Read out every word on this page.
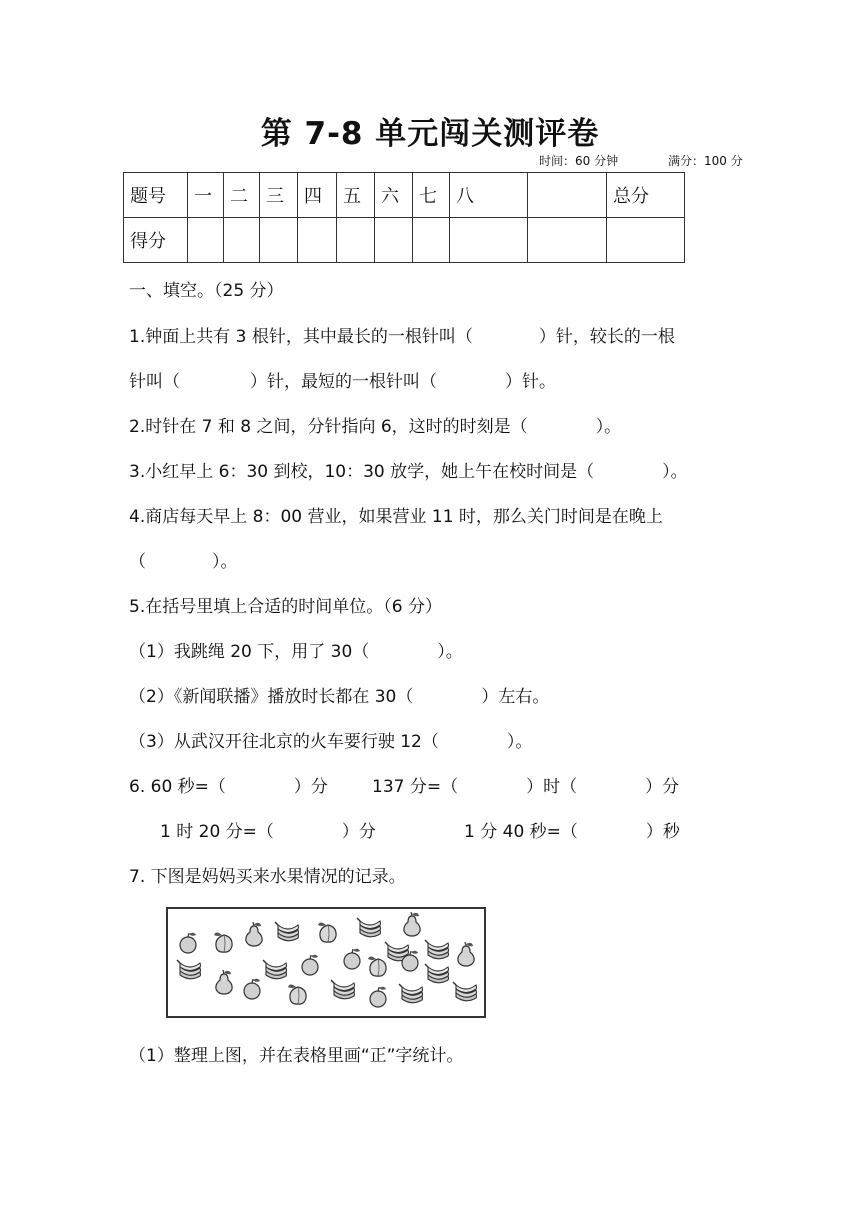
第 7-8 单元闯关测评卷
时间：60 分钟	满分：100 分
题号	一	二	三	四	五	六	七	八		总分
得分										
一、填空。（25 分）
1.钟面上共有 3 根针，其中最长的一根针叫（	）针，较长的一根
针叫（	）针，最短的一根针叫（	）针。
2.时针在 7 和 8 之间，分针指向 6，这时的时刻是（	）。
3.小红早上 6：30 到校，10：30 放学，她上午在校时间是（	）。
4.商店每天早上 8：00 营业，如果营业 11 时，那么关门时间是在晚上
（	）。
5.在括号里填上合适的时间单位。（6 分）
（1）我跳绳 20 下，用了 30（	）。
（2）《新闻联播》播放时长都在 30（	）左右。
（3）从武汉开往北京的火车要行驶 12（	）。
6. 60 秒=（	）分	137 分=（	）时（	）分
1 时 20 分=（	）分	1 分 40 秒=（	）秒
7. 下图是妈妈买来水果情况的记录。
（1）整理上图，并在表格里画“正”字统计。
